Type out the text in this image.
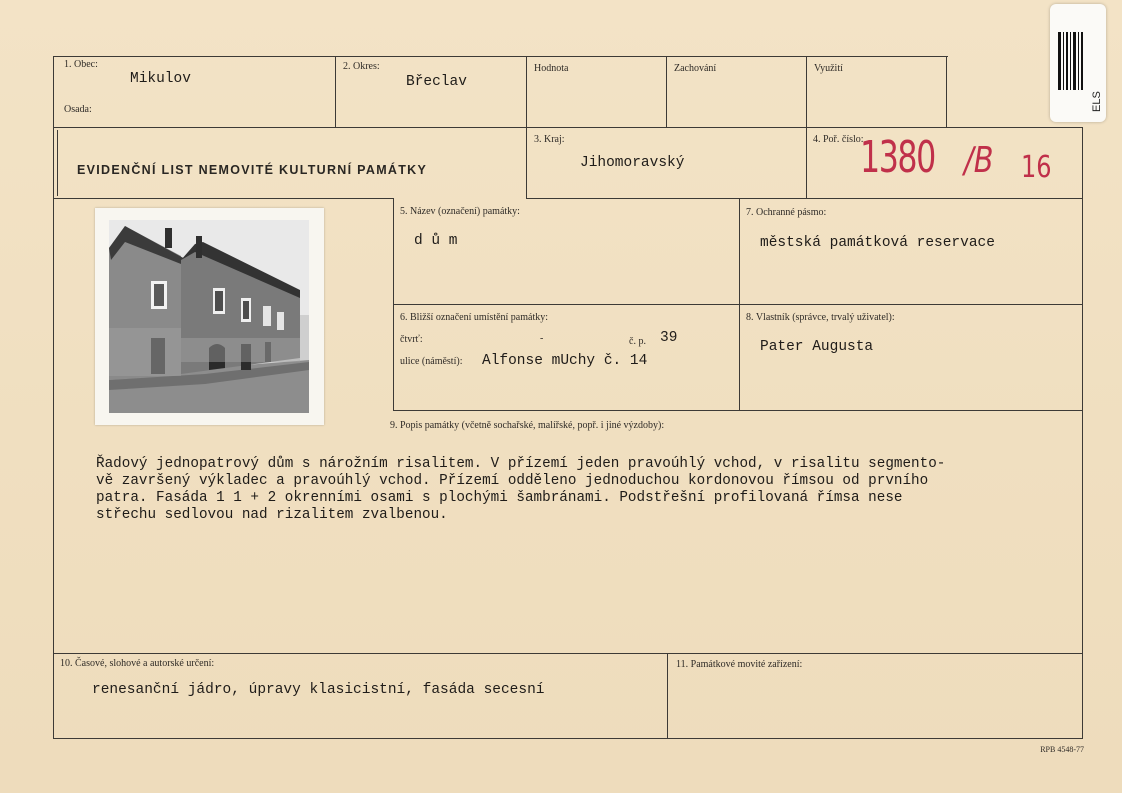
1. Obec:
Mikulov
Osada:
2. Okres:
Břeclav
Hodnota	Zachování	Využití
EVIDENČNÍ LIST NEMOVITÉ KULTURNÍ PAMÁTKY
3. Kraj:
Jihomoravský
4. Poř. číslo:
1380 /B 16
5. Název (označení) památky:
d ů m
7. Ochranné pásmo:
městská památková reservace
6. Bližší označení umístění památky:
čtvrť:	-	č. p. 39
ulice (náměstí): Alfonse mUchy č. 14
8. Vlastník (správce, trvalý uživatel):
Pater Augusta
9. Popis památky (včetně sochařské, malířské, popř. i jiné výzdoby):
Řadový jednopatrový dům s nárožním risalitem. V přízemí jeden pravoúhlý vchod, v risalitu segmento-
vě završený výkladec a pravoúhlý vchod. Přízemí odděleno jednoduchou kordonovou římsou od prvního
patra. Fasáda 1 1 + 2 okrenními osami s plochými šambránami. Podstřešní profilovaná římsa nese
střechu sedlovou nad rizalitem zvalbenou.
10. Časové, slohové a autorské určení:
renesanční jádro, úpravy klasicistní, fasáda secesní
11. Památkové movité zařízení:
RPB 4548-77
ELS
